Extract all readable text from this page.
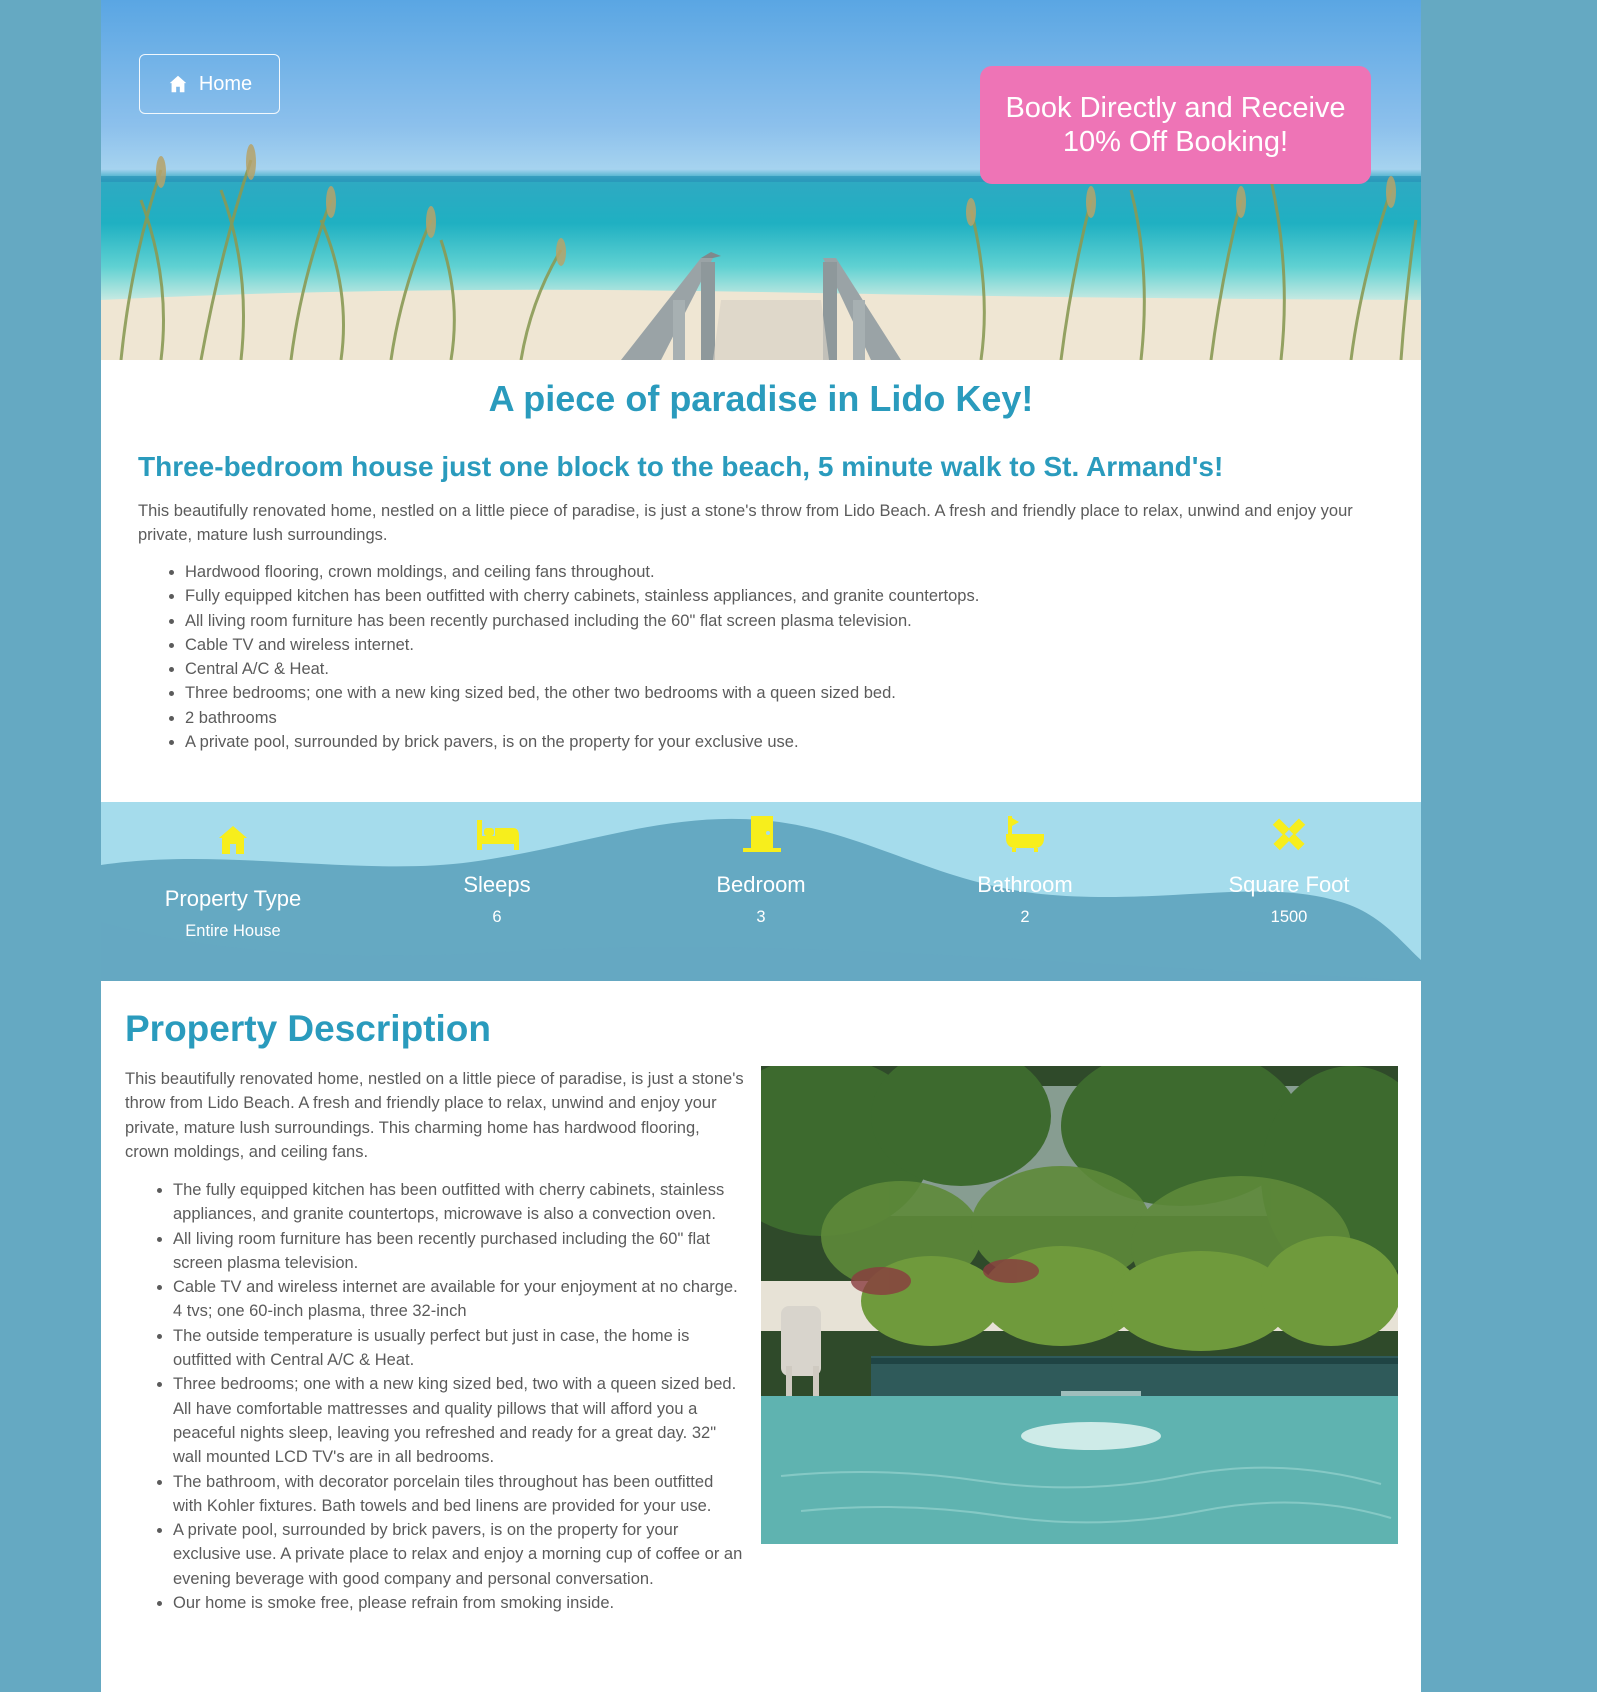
Home
Book Directly and Receive 10% Off Booking!
A piece of paradise in Lido Key!
Three-bedroom house just one block to the beach, 5 minute walk to St. Armand's!

This beautifully renovated home, nestled on a little piece of paradise, is just a stone's throw from Lido Beach. A fresh and friendly place to relax, unwind and enjoy your private, mature lush surroundings.

• Hardwood flooring, crown moldings, and ceiling fans throughout.
• Fully equipped kitchen has been outfitted with cherry cabinets, stainless appliances, and granite countertops.
• All living room furniture has been recently purchased including the 60" flat screen plasma television.
• Cable TV and wireless internet.
• Central A/C & Heat.
• Three bedrooms; one with a new king sized bed, the other two bedrooms with a queen sized bed.
• 2 bathrooms
• A private pool, surrounded by brick pavers, is on the property for your exclusive use.
Property Type
Entire House
Sleeps
6
Bedroom
3
Bathroom
2
Square Foot
1500
Property Description

This beautifully renovated home, nestled on a little piece of paradise, is just a stone's throw from Lido Beach. A fresh and friendly place to relax, unwind and enjoy your private, mature lush surroundings. This charming home has hardwood flooring, crown moldings, and ceiling fans.

• The fully equipped kitchen has been outfitted with cherry cabinets, stainless appliances, and granite countertops, microwave is also a convection oven.
• All living room furniture has been recently purchased including the 60" flat screen plasma television.
• Cable TV and wireless internet are available for your enjoyment at no charge. 4 tvs; one 60-inch plasma, three 32-inch
• The outside temperature is usually perfect but just in case, the home is outfitted with Central A/C & Heat.
• Three bedrooms; one with a new king sized bed, two with a queen sized bed. All have comfortable mattresses and quality pillows that will afford you a peaceful nights sleep, leaving you refreshed and ready for a great day. 32" wall mounted LCD TV's are in all bedrooms.
• The bathroom, with decorator porcelain tiles throughout has been outfitted with Kohler fixtures. Bath towels and bed linens are provided for your use.
• A private pool, surrounded by brick pavers, is on the property for your exclusive use. A private place to relax and enjoy a morning cup of coffee or an evening beverage with good company and personal conversation.
• Our home is smoke free, please refrain from smoking inside.
